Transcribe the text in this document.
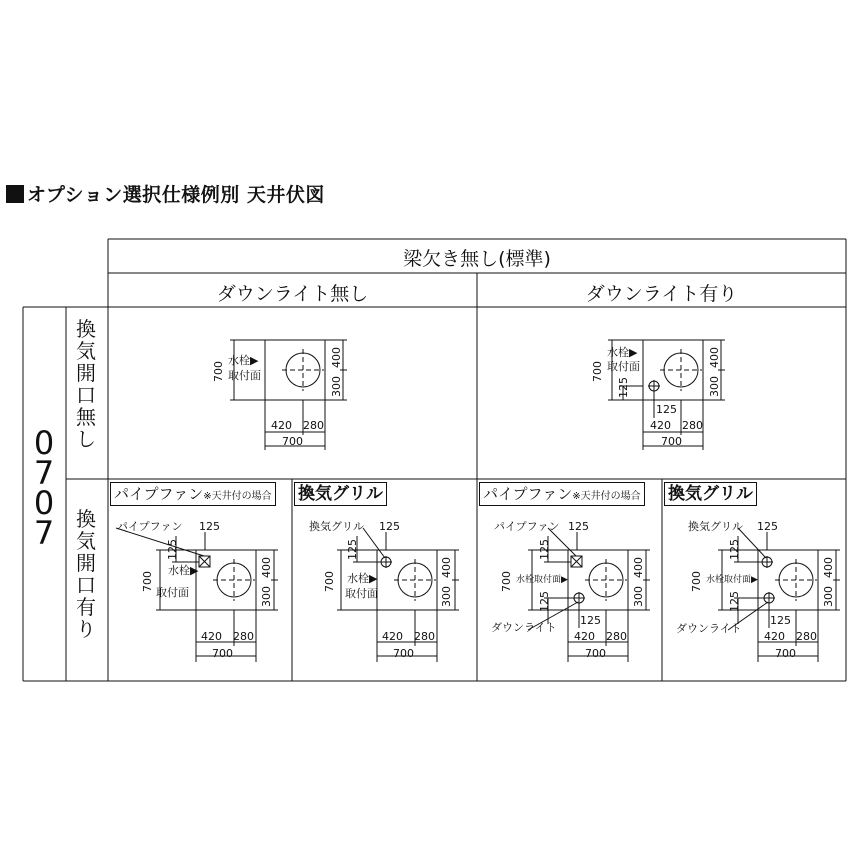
オプション選択仕様例別 天井伏図
梁欠き無し(標準)
ダウンライト無し	ダウンライト有り
0
7
0
7
換
気
開
口
無
し
換
気
開
口
有
り
パイプファン※天井付の場合 換気グリル	パイプファン※天井付の場合 換気グリル
水栓▶
取付面
700
400
300
420 280
700
水栓▶
取付面
700
125
400
300
125
420 280
700
パイプファン 125
125
水栓▶
取付面
700
400
300
420 280
700
換気グリル 125
125
水栓▶
取付面
700
400
300
420 280
700
パイプファン 125
125
125
水栓取付面▶
700
400
300
ダウンライト
125
420 280
700
換気グリル 125
125
125
水栓取付面▶
700
400
300
ダウンライト
125
420 280
700
